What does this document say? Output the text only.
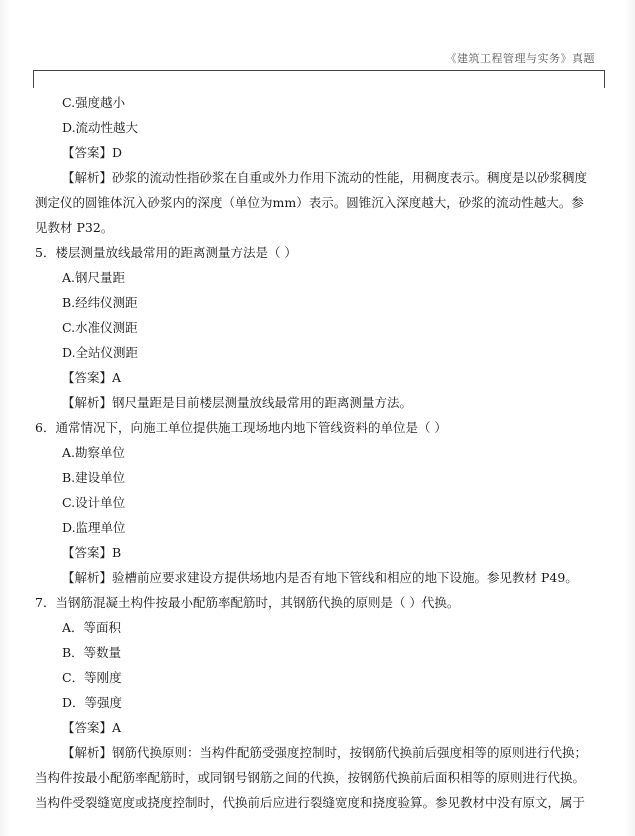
《建筑工程管理与实务》真题
C.强度越小
D.流动性越大
【答案】D
【解析】砂浆的流动性指砂浆在自重或外力作用下流动的性能，用稠度表示。稠度是以砂浆稠度
测定仪的圆锥体沉入砂浆内的深度（单位为mm）表示。圆锥沉入深度越大，砂浆的流动性越大。参
见教材 P32。
5．楼层测量放线最常用的距离测量方法是（ ）
A.钢尺量距
B.经纬仪测距
C.水准仪测距
D.全站仪测距
【答案】A
【解析】钢尺量距是目前楼层测量放线最常用的距离测量方法。
6．通常情况下，向施工单位提供施工现场地内地下管线资料的单位是（ ）
A.勘察单位
B.建设单位
C.设计单位
D.监理单位
【答案】B
【解析】验槽前应要求建设方提供场地内是否有地下管线和相应的地下设施。参见教材 P49。
7．当钢筋混凝土构件按最小配筋率配筋时，其钢筋代换的原则是（ ）代换。
A．等面积
B．等数量
C．等刚度
D．等强度
【答案】A
【解析】钢筋代换原则：当构件配筋受强度控制时，按钢筋代换前后强度相等的原则进行代换；
当构件按最小配筋率配筋时，或同钢号钢筋之间的代换，按钢筋代换前后面积相等的原则进行代换。
当构件受裂缝宽度或挠度控制时，代换前后应进行裂缝宽度和挠度验算。参见教材中没有原文，属于
